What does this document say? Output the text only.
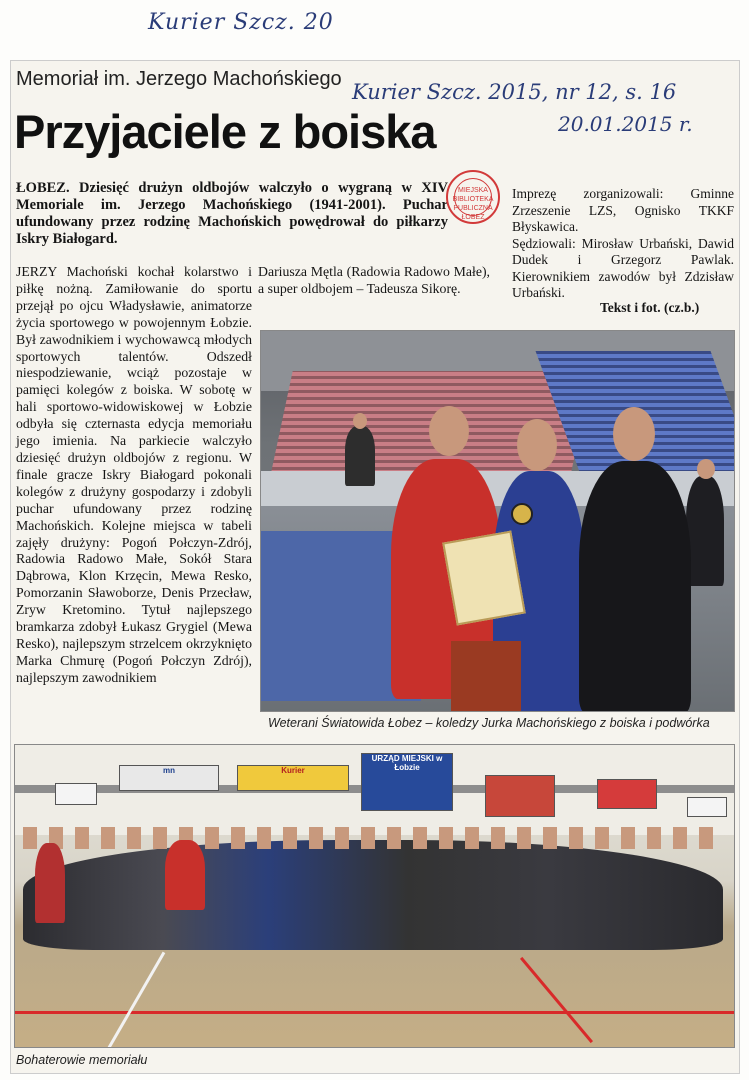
Kurier Szcz. 20
Kurier Szcz. 2015, nr 12, s. 16
20.01.2015 r.
Memoriał im. Jerzego Machońskiego
Przyjaciele z boiska
ŁOBEZ. Dziesięć drużyn oldbojów walczyło o wygraną w XIV Memoriale im. Jerzego Machońskiego (1941-2001). Puchar ufundowany przez rodzinę Machońskich powędrował do piłkarzy Iskry Białogard.
MIEJSKA BIBLIOTEKA PUBLICZNA ŁOBEZ

Imprezę zorganizowali: Gminne Zrzeszenie LZS, Ognisko TKKF Błyskawica.

Sędziowali: Mirosław Urbański, Dawid Dudek i Grzegorz Pawlak. Kierownikiem zawodów był Zdzisław Urbański.

Tekst i fot. (cz.b.)
JERZY Machoński kochał kolarstwo i piłkę nożną. Zamiłowanie do sportu przejął po ojcu Władysławie, animatorze życia sportowego w powojennym Łobzie. Był zawodnikiem i wychowawcą młodych sportowych talentów. Odszedł niespodziewanie, wciąż pozostaje w pamięci kolegów z boiska. W sobotę w hali sportowo-widowiskowej w Łobzie odbyła się czternasta edycja memoriału jego imienia. Na parkiecie walczyło dziesięć drużyn oldbojów z regionu. W finale gracze Iskry Białogard pokonali kolegów z drużyny gospodarzy i zdobyli puchar ufundowany przez rodzinę Machońskich. Kolejne miejsca w tabeli zajęły drużyny: Pogoń Połczyn-Zdrój, Radowia Radowo Małe, Sokół Stara Dąbrowa, Klon Krzęcin, Mewa Resko, Pomorzanin Sławoborze, Denis Przecław, Zryw Kretomino. Tytuł najlepszego bramkarza zdobył Łukasz Grygiel (Mewa Resko), najlepszym strzelcem okrzyknięto Marka Chmurę (Pogoń Połczyn Zdrój), najlepszym zawodnikiem
Dariusza Mętla (Radowia Radowo Małe), a super oldbojem – Tadeusza Sikorę.
Weterani Światowida Łobez – koledzy Jurka Machońskiego z boiska i podwórka
mn	Kurier
URZĄD MIEJSKI w Łobzie
Bohaterowie memoriału
